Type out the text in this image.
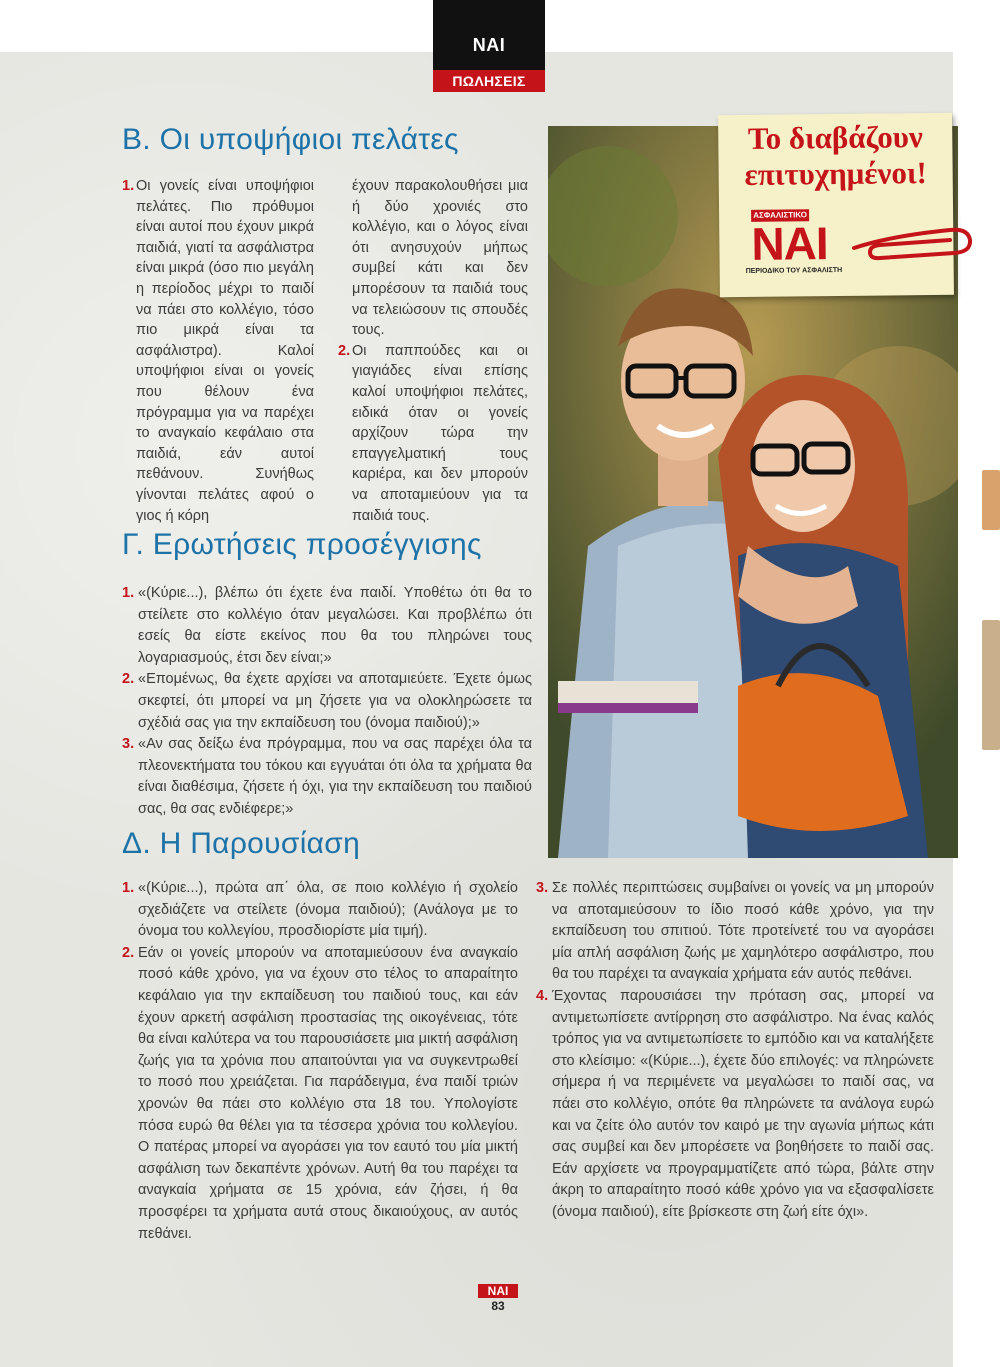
ΝΑΙ
ΠΩΛΗΣΕΙΣ
Β. Οι υποψήφιοι πελάτες
1. Οι γονείς είναι υποψήφιοι πελάτες. Πιο πρόθυμοι είναι αυτοί που έχουν μικρά παιδιά, γιατί τα ασφάλιστρα είναι μικρά (όσο πιο μεγάλη η περίοδος μέχρι το παιδί να πάει στο κολλέγιο, τόσο πιο μικρά είναι τα ασφάλιστρα). Καλοί υποψήφιοι είναι οι γονείς που θέλουν ένα πρόγραμμα για να παρέχει το αναγκαίο κεφάλαιο στα παιδιά, εάν αυτοί πεθάνουν. Συνήθως γίνονται πελάτες αφού ο γιος ή κόρη
έχουν παρακολουθήσει μια ή δύο χρονιές στο κολλέγιο, και ο λόγος είναι ότι ανησυχούν μήπως συμβεί κάτι και δεν μπορέσουν τα παιδιά τους να τελειώσουν τις σπουδές τους.
2. Οι παππούδες και οι γιαγιάδες είναι επίσης καλοί υποψήφιοι πελάτες, ειδικά όταν οι γονείς αρχίζουν τώρα την επαγγελματική τους καριέρα, και δεν μπορούν να αποταμιεύουν για τα παιδιά τους.
Γ. Ερωτήσεις προσέγγισης
1. «(Κύριε...), βλέπω ότι έχετε ένα παιδί. Υποθέτω ότι θα το στείλετε στο κολλέγιο όταν μεγαλώσει. Και προβλέπω ότι εσείς θα είστε εκείνος που θα του πληρώνει τους λογαριασμούς, έτσι δεν είναι;»
2. «Επομένως, θα έχετε αρχίσει να αποταμιεύετε. Έχετε όμως σκεφτεί, ότι μπορεί να μη ζήσετε για να ολοκληρώσετε τα σχέδιά σας για την εκπαίδευση του (όνομα παιδιού);»
3. «Αν σας δείξω ένα πρόγραμμα, που να σας παρέχει όλα τα πλεονεκτήματα του τόκου και εγγυάται ότι όλα τα χρήματα θα είναι διαθέσιμα, ζήσετε ή όχι, για την εκπαίδευση του παιδιού σας, θα σας ενδιέφερε;»
Δ. Η Παρουσίαση
1. «(Κύριε...), πρώτα απ΄ όλα, σε ποιο κολλέγιο ή σχολείο σχεδιάζετε να στείλετε (όνομα παιδιού); (Ανάλογα με το όνομα του κολλεγίου, προσδιορίστε μία τιμή).
2. Εάν οι γονείς μπορούν να αποταμιεύσουν ένα αναγκαίο ποσό κάθε χρόνο, για να έχουν στο τέλος το απαραίτητο κεφάλαιο για την εκπαίδευση του παιδιού τους, και εάν έχουν αρκετή ασφάλιση προστασίας της οικογένειας, τότε θα είναι καλύτερα να του παρουσιάσετε μια μικτή ασφάλιση ζωής για τα χρόνια που απαιτούνται για να συγκεντρωθεί το ποσό που χρειάζεται. Για παράδειγμα, ένα παιδί τριών χρονών θα πάει στο κολλέγιο στα 18 του. Υπολογίστε πόσα ευρώ θα θέλει για τα τέσσερα χρόνια του κολλεγίου. Ο πατέρας μπορεί να αγοράσει για τον εαυτό του μία μικτή ασφάλιση των δεκαπέντε χρόνων. Αυτή θα του παρέχει τα αναγκαία χρήματα σε 15 χρόνια, εάν ζήσει, ή θα προσφέρει τα χρήματα αυτά στους δικαιούχους, αν αυτός πεθάνει.
3. Σε πολλές περιπτώσεις συμβαίνει οι γονείς να μη μπορούν να αποταμιεύσουν το ίδιο ποσό κάθε χρόνο, για την εκπαίδευση του σπιτιού. Τότε προτείνετέ του να αγοράσει μία απλή ασφάλιση ζωής με χαμηλότερο ασφάλιστρο, που θα του παρέχει τα αναγκαία χρήματα εάν αυτός πεθάνει.
4. Έχοντας παρουσιάσει την πρόταση σας, μπορεί να αντιμετωπίσετε αντίρρηση στο ασφάλιστρο. Να ένας καλός τρόπος για να αντιμετωπίσετε το εμπόδιο και να καταλήξετε στο κλείσιμο: «(Κύριε...), έχετε δύο επιλογές: να πληρώνετε σήμερα ή να περιμένετε να μεγαλώσει το παιδί σας, να πάει στο κολλέγιο, οπότε θα πληρώνετε τα ανάλογα ευρώ και να ζείτε όλο αυτόν τον καιρό με την αγωνία μήπως κάτι σας συμβεί και δεν μπορέσετε να βοηθήσετε το παιδί σας. Εάν αρχίσετε να προγραμματίζετε από τώρα, βάλτε στην άκρη το απαραίτητο ποσό κάθε χρόνο για να εξασφαλίσετε (όνομα παιδιού), είτε βρίσκεστε στη ζωή είτε όχι».
Το διαβάζουν
επιτυχημένοι!
ΑΣΦΑΛΙΣΤΙΚΟ
ΝΑΙ
ΠΕΡΙΟΔΙΚΟ ΤΟΥ ΑΣΦΑΛΙΣΤΗ
ΝΑΙ
83
